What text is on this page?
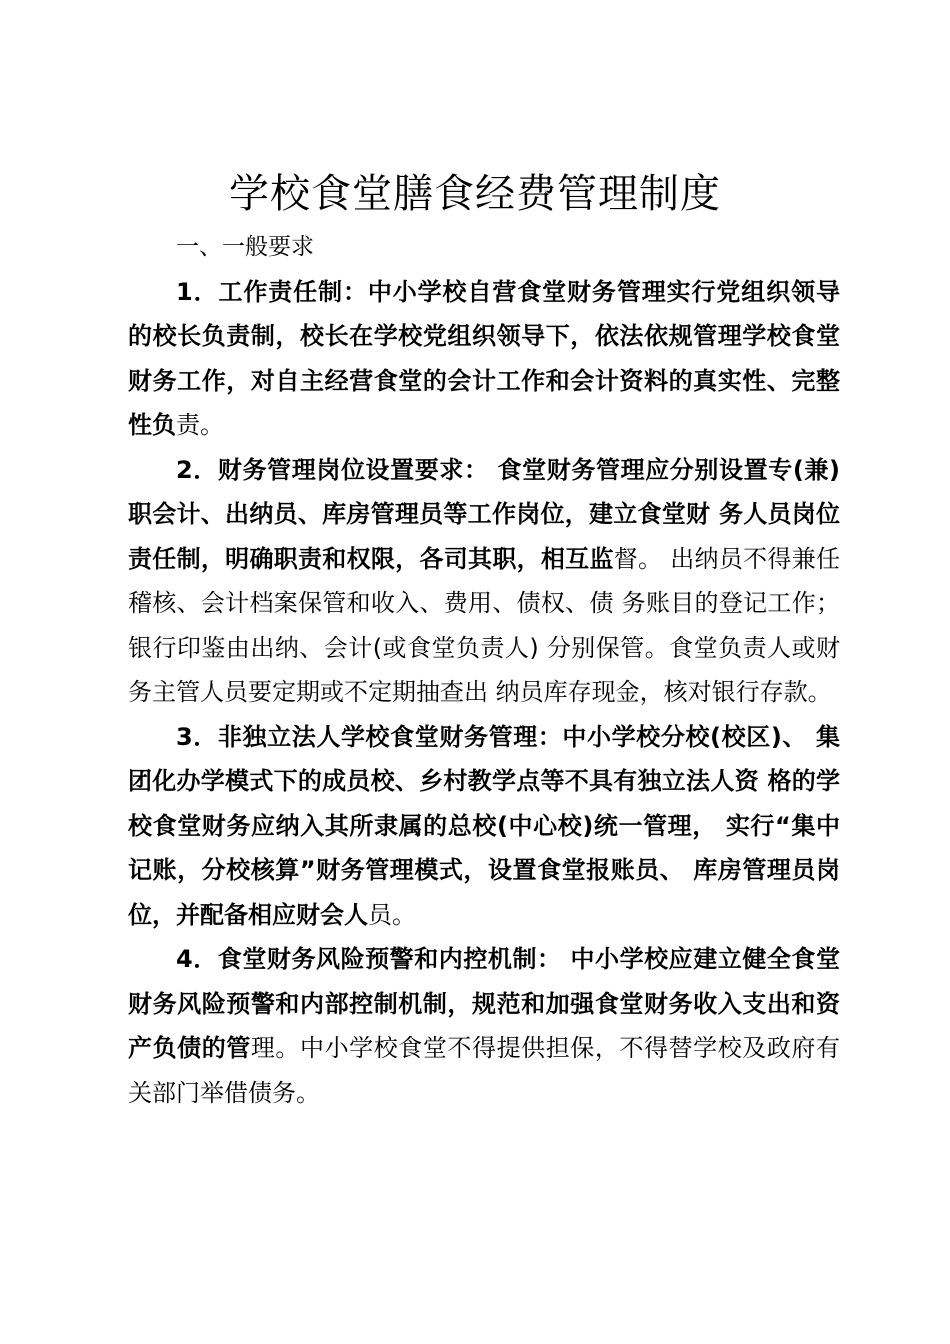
学校食堂膳食经费管理制度

一、一般要求

1．工作责任制：中小学校自营食堂财务管理实行党组织领导的校长负责制，校长在学校党组织领导下，依法依规管理学校食堂财务工作，对自主经营食堂的会计工作和会计资料的真实性、完整性负责。

2．财务管理岗位设置要求： 食堂财务管理应分别设置专(兼)职会计、出纳员、库房管理员等工作岗位，建立食堂财 务人员岗位责任制，明确职责和权限，各司其职，相互监督。 出纳员不得兼任稽核、会计档案保管和收入、费用、债权、债 务账目的登记工作；银行印鉴由出纳、会计(或食堂负责人) 分别保管。食堂负责人或财务主管人员要定期或不定期抽查出 纳员库存现金，核对银行存款。

3．非独立法人学校食堂财务管理：中小学校分校(校区)、 集团化办学模式下的成员校、乡村教学点等不具有独立法人资 格的学校食堂财务应纳入其所隶属的总校(中心校)统一管理， 实行“集中记账，分校核算”财务管理模式，设置食堂报账员、 库房管理员岗位，并配备相应财会人员。

4．食堂财务风险预警和内控机制： 中小学校应建立健全食堂财务风险预警和内部控制机制，规范和加强食堂财务收入支出和资产负债的管理。中小学校食堂不得提供担保，不得替学校及政府有关部门举借债务。
